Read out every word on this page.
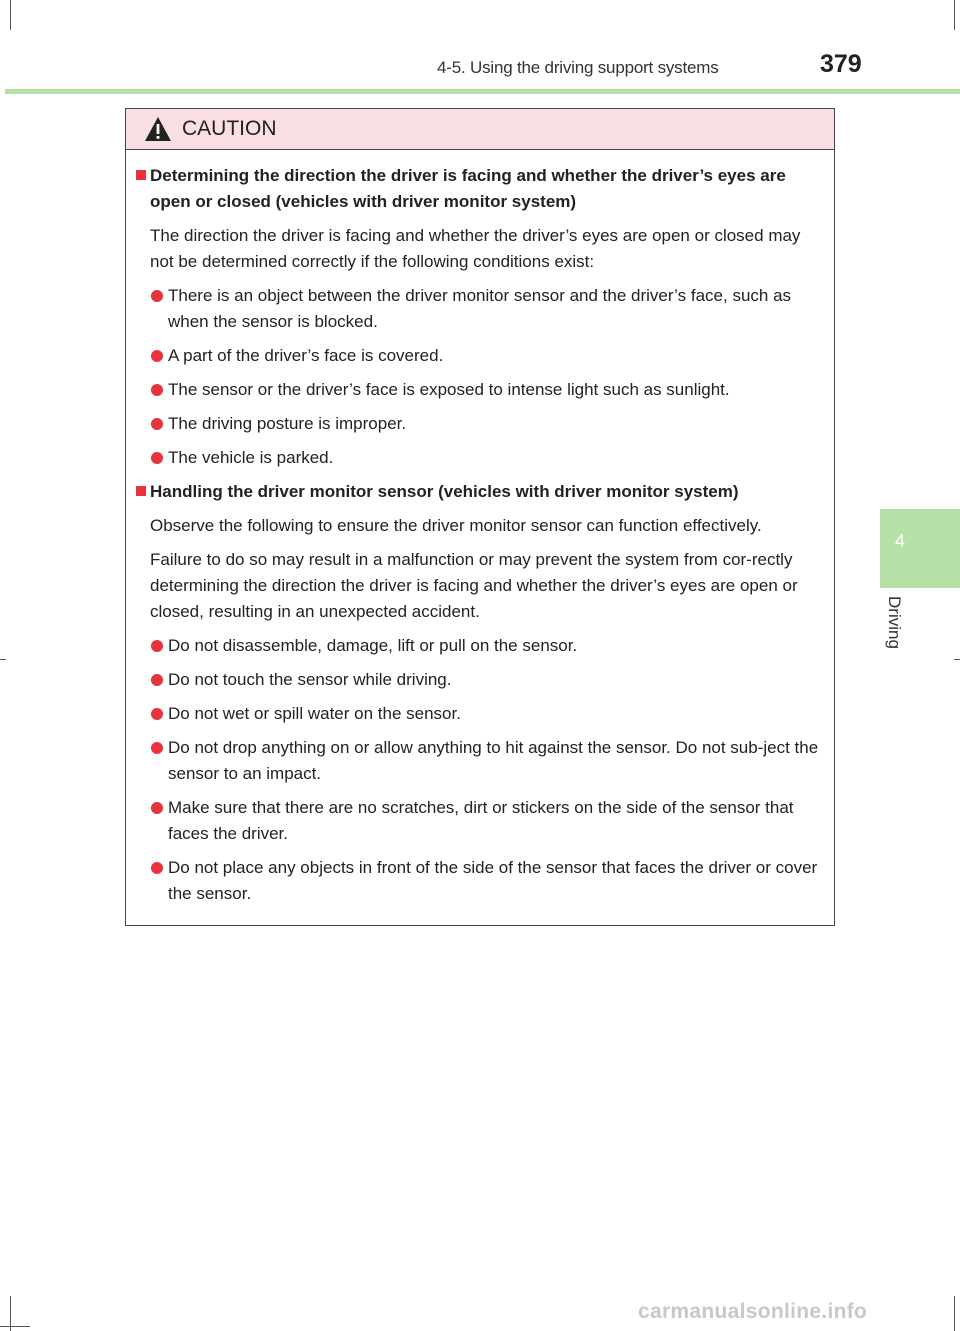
4-5. Using the driving support systems	379
4
Driving
CAUTION
Determining the direction the driver is facing and whether the driver’s eyes are open or closed (vehicles with driver monitor system)
The direction the driver is facing and whether the driver’s eyes are open or closed may not be determined correctly if the following conditions exist:
There is an object between the driver monitor sensor and the driver’s face, such as when the sensor is blocked.
A part of the driver’s face is covered.
The sensor or the driver’s face is exposed to intense light such as sunlight.
The driving posture is improper.
The vehicle is parked.
Handling the driver monitor sensor (vehicles with driver monitor system)
Observe the following to ensure the driver monitor sensor can function effectively.
Failure to do so may result in a malfunction or may prevent the system from cor-rectly determining the direction the driver is facing and whether the driver’s eyes are open or closed, resulting in an unexpected accident.
Do not disassemble, damage, lift or pull on the sensor.
Do not touch the sensor while driving.
Do not wet or spill water on the sensor.
Do not drop anything on or allow anything to hit against the sensor. Do not sub-ject the sensor to an impact.
Make sure that there are no scratches, dirt or stickers on the side of the sensor that faces the driver.
Do not place any objects in front of the side of the sensor that faces the driver or cover the sensor.
carmanualsonline.info
